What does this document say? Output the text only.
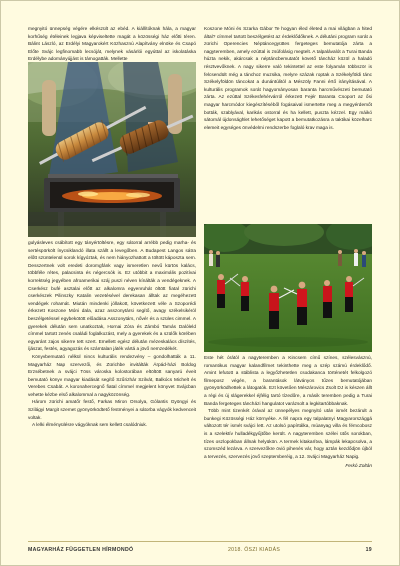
megnyitó ünnepség végére elkészült az ebéd. A kiállítóknak hála, a magyar korhűség étéleinek legjava képviseltette magát a közösségi ház előtti téren. Bálint László, az Erdélyi Magyarokért Közhasznú Alapítvány elnöke és Csapó Előte Svájc legfinomabb lecsóját, melynek vásárlói egyúttal az iskolatáska Erdélybe adományújjást is támogatták. Mellette

gulyásleves csábított egy tányértöltésre, egy sátorral arrébb pedig marha- és sertéspörkölt ínycsiklandó illata szállt a levegőben. A Budapest Langos sátra előtt szüntelenül sorok kígyóztak, és nem hiányozhattott a töltött káposzta sem. Desszertnek volt eredeti doromgfánk vagy ismeretlen nevű kürtös kalács, többféle rétes, palacsinta és négercsók is. Ez utóbbit a maximális pozitívai korrektség jegyében afroamerikai száj puszi néven kínálták a vendégeknek. A Cserkész bufé asztalai előtt az alkalomra egyenruhát öltött fiatal zürichi cserkészek Pilinszky Katalin vezetésével derekasan álltak az megéhezett vendégek rohamát. Miután mindenki jóllakott, következett véle a Szoporédi érkezett Koszone Móni dala, azaz asszonytársi segítő, avagy székelsikéról beszélgetéssel egybekötött előadása Asszonytárs, nővér és a szüles cimmel. A gyerekek délután sem unatkoztak, Hornai Zóra és Zámbó Tamás Dalóleld címmel tartott zenés családi foglalkozást, mely a gyerekek és a szülők körében egyaránt zajos sikerre tett szert. Emellett egész délután mézeskalács díszítés, íjászat, festés, agyagozás és számtalan játék vártá a jövő nemzedékét.

Könyvbemutató nélkül nincs kulturális rendezvény – gondolhatták a 11. Magyarház Nap szervezői, és Zürichbe invitálták Árpád-házi Boldog Erzsébetnek a svájci Töss városka kolostorában eltöltött sanyarú éveit bemutató könyv magyar kiadását segítő Szűrizhár Szilvát, Balkócs Michelt és Verebes Csabát. A koronahercegnő fiatal címmel megjelent könyvet Svájcban vehette kézbe első alkalommal a nagyközönség.

Három zürichi amatőr festő, Farkas Miron Orsolya, Gólantis Gyöngyi és Szilágyi Margit szemet gyönyörködtető festményei a sátorba vágyók kedvenceit voltak.

A lelki élményülésre vágyóknak sem kellett csalódniuk.

Koszone Móni és Szarka Gábor Te hogyan éled életed a mai világban a hited által? címmel tartott beszélgetést az érdeklődőknek. A délutáni program sorát a zürichi Operencies Néptáncegyüttes fergeteges bemutatója zárta a nagyteremben, amely ezúttal is zsúfolásig megtelt. A talpalávalót a Turai Banda húzta nekik, akárcsak a néptáncbemutatót követő táncház közöl a haladó résztvevőknek. A nagy sikerre való tekintettel az este folyamán többször is felcsendült még a tánchoz muzsika, melyre százak roptak a Székelyföldi tánc Székelyföldön táncokat a dunántúlitól a Mészöly Fanni értő irányításával. A kulturális programok sorát hagyományosan baranta harcművészeti bemutató zárta. Az ezúttal Székesfehérvárról érkezett Fejér Baranta Csoport az ősi magyar harcmódor kiegészítéséből fogásaival ismertette meg a megyérdemőt bották, szablyával, karikás ostorral és ha kellett, puszta kézzel. Egy máikó sátornál újdonsághlet lehetőséget kapott a bemutatkozásra a taktikai közelharc elemeit egységes önvédelmi rendszerbe foglaló krav maga is.

Este hét órától a nagyteremben a Kincsem című színes, szélesvásznú, romantikus magyar kalandfilmet tekinthette meg a szép számú érdeklődő. Amint lefutott a stáblista a legyőzhetetlen csodakanca történetét felkolgozó filmeposz végén, a barantások látványos tűzes bemutatójában gyönyörködhettek a látogatók. Ezt követően Mészárovics Zsolt DJ is készen állt a régi és új slágerekkel éjfélig tartó tízedőre, a másik teremben pedig a Turai Banda fergeteges táncházi hangulatot varázsolt a legkitartóbbaknak.

Több mint tizenkét órával az ünnepélyes megnyitó után ismét bezárult a bunkegi Közösségi Ház környéke. A fél napra egy talpalatnyi Magyarországgá változott tér ismét svájci lett. Az utolsó papírtálka, múanyag villa és fémcobosz is a szelektív hulladékgyűjtőbe került. A nagyteremben szélei ütős sorokban, tízes oszlopokban állnak helyükön. A termek kitakarítva, lámpák lekapcsolva, a szomszéd lezárva. A szervezőkre övió pihenés vár, hogy aztán kezdődjön újból a tervezés, szervezés jövő szeptemberéig, a 12. Svájci Magyarház Napig.

Ferkó Zoltán

MAGYARHÁZ FÜGGETLEN HÍRMONDÓ	2018. ŐSZI KIADÁS	19
